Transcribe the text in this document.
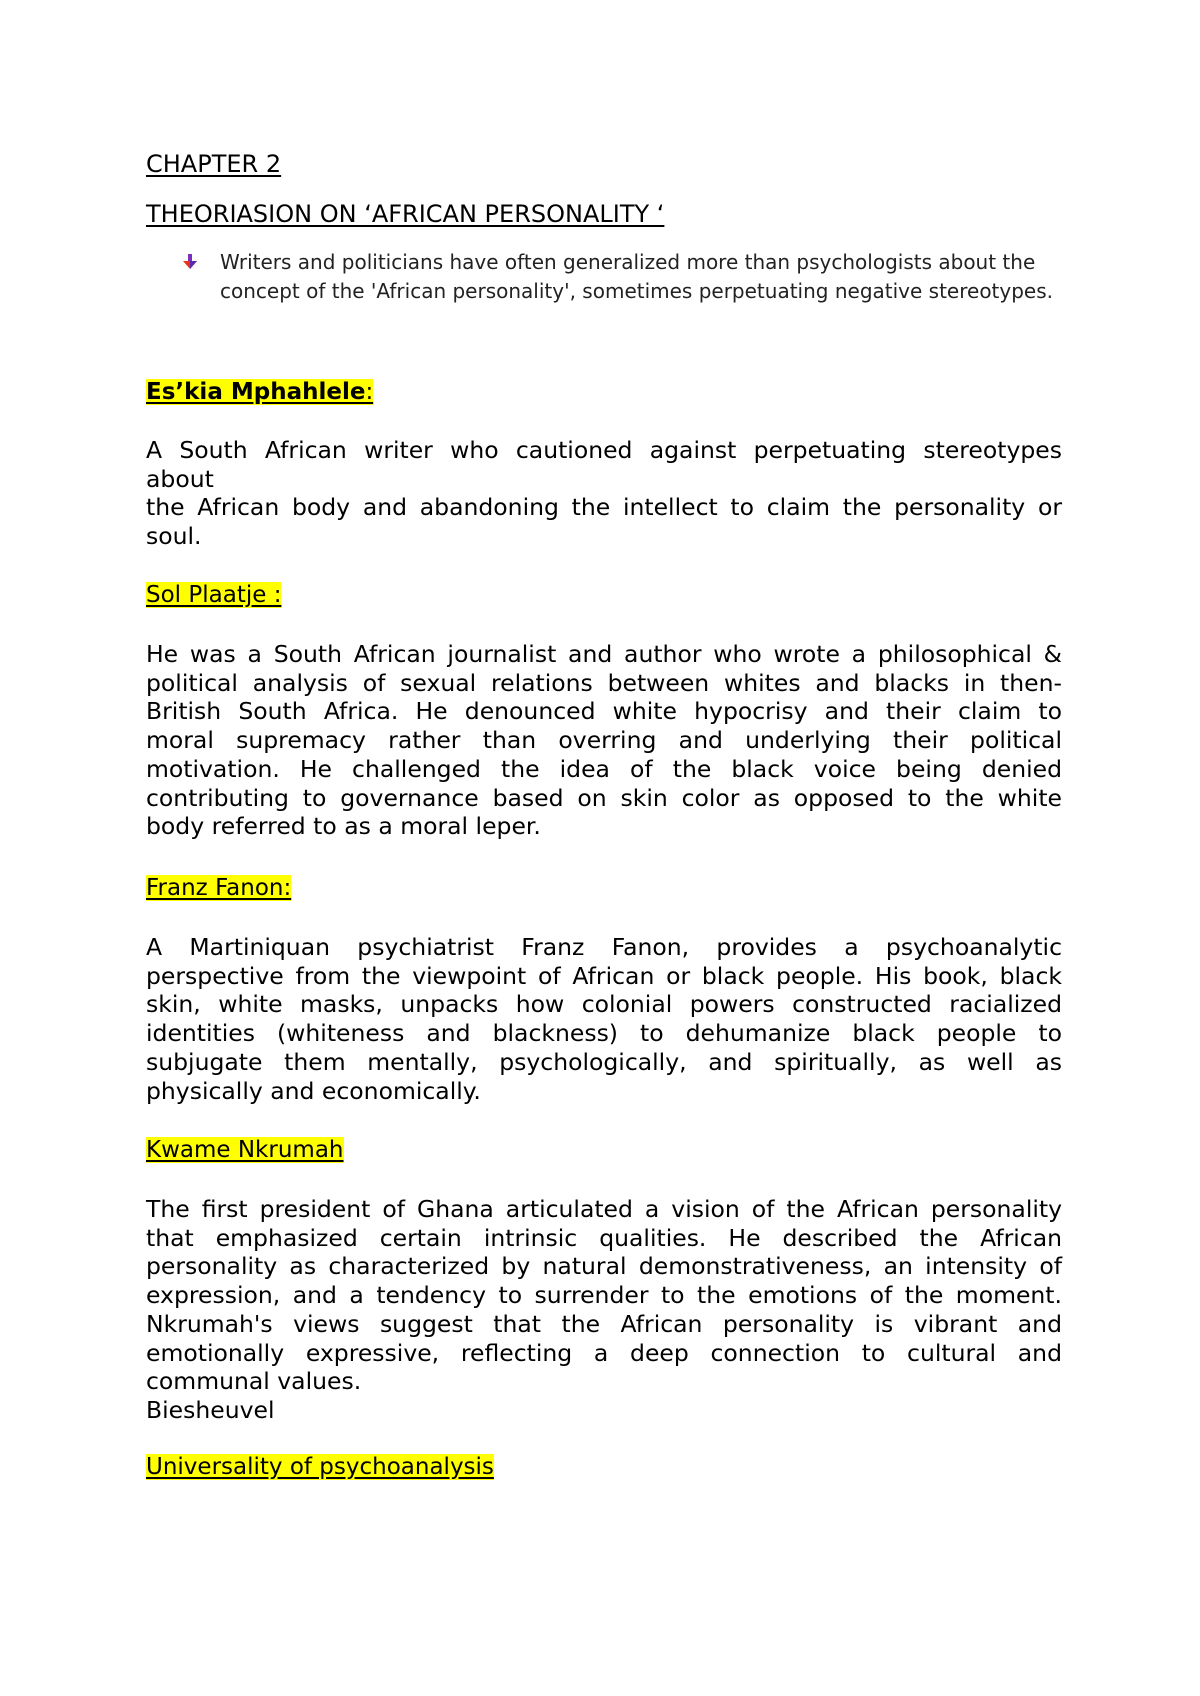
CHAPTER 2
THEORIASION ON ‘AFRICAN PERSONALITY ‘
Writers and politicians have often generalized more than psychologists about the concept of the 'African personality', sometimes perpetuating negative stereotypes.
Es’kia Mphahlele:
A South African writer who cautioned against perpetuating stereotypes
about
the African body and abandoning the intellect to claim the personality or
soul.
Sol Plaatje :
He was a South African journalist and author who wrote a philosophical &
political analysis of sexual relations between whites and blacks in then-
British South Africa. He denounced white hypocrisy and their claim to
moral supremacy rather than overring and underlying their political
motivation. He challenged the idea of the black voice being denied
contributing to governance based on skin color as opposed to the white
body referred to as a moral leper.
Franz Fanon:
A Martiniquan psychiatrist Franz Fanon, provides a psychoanalytic
perspective from the viewpoint of African or black people. His book, black
skin, white masks, unpacks how colonial powers constructed racialized
identities (whiteness and blackness) to dehumanize black people to
subjugate them mentally, psychologically, and spiritually, as well as
physically and economically.
Kwame Nkrumah
The first president of Ghana articulated a vision of the African personality
that emphasized certain intrinsic qualities. He described the African
personality as characterized by natural demonstrativeness, an intensity of
expression, and a tendency to surrender to the emotions of the moment.
Nkrumah's views suggest that the African personality is vibrant and
emotionally expressive, reflecting a deep connection to cultural and
communal values.
Biesheuvel
Universality of psychoanalysis
